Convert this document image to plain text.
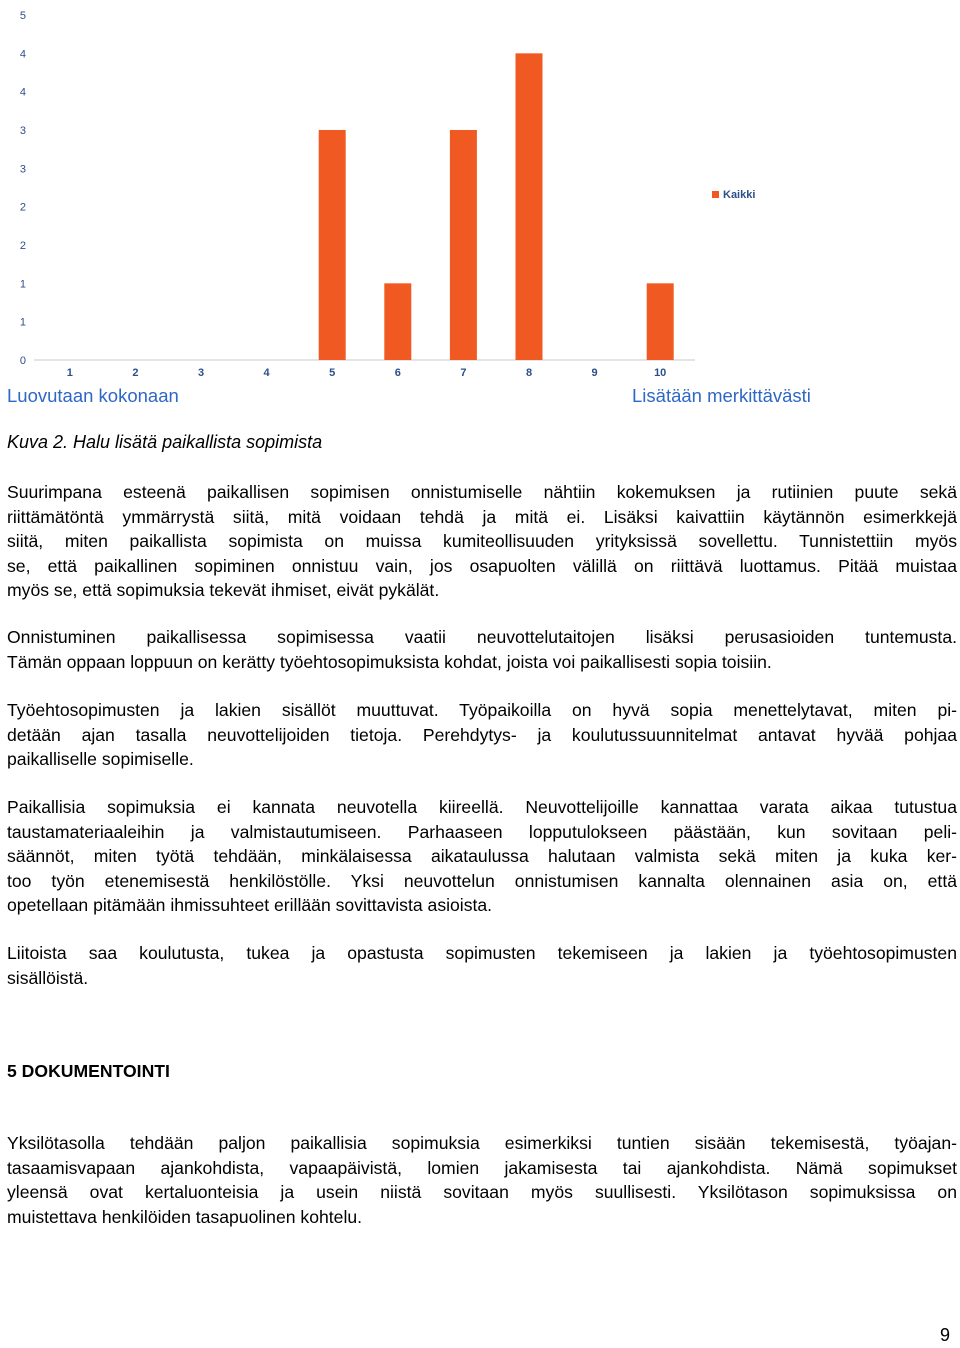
0
1
1
2
2
3
3
4
4
5
1	2	3	4	5	6	7	8	9	10
Kaikki
Luovutaan kokonaan	Lisätään merkittävästi
Kuva 2. Halu lisätä paikallista sopimista
Suurimpana esteenä paikallisen sopimisen onnistumiselle nähtiin kokemuksen ja rutiinien puute sekä
riittämätöntä ymmärrystä siitä, mitä voidaan tehdä ja mitä ei. Lisäksi kaivattiin käytännön esimerkkejä
siitä, miten paikallista sopimista on muissa kumiteollisuuden yrityksissä sovellettu. Tunnistettiin myös
se, että paikallinen sopiminen onnistuu vain, jos osapuolten välillä on riittävä luottamus. Pitää muistaa
myös se, että sopimuksia tekevät ihmiset, eivät pykälät.
Onnistuminen paikallisessa sopimisessa vaatii neuvottelutaitojen lisäksi perusasioiden tuntemusta.
Tämän oppaan loppuun on kerätty työehtosopimuksista kohdat, joista voi paikallisesti sopia toisiin.
Työehtosopimusten ja lakien sisällöt muuttuvat. Työpaikoilla on hyvä sopia menettelytavat, miten pi-
detään ajan tasalla neuvottelijoiden tietoja. Perehdytys- ja koulutussuunnitelmat antavat hyvää pohjaa
paikalliselle sopimiselle.
Paikallisia sopimuksia ei kannata neuvotella kiireellä. Neuvottelijoille kannattaa varata aikaa tutustua
taustamateriaaleihin ja valmistautumiseen. Parhaaseen lopputulokseen päästään, kun sovitaan peli-
säännöt, miten työtä tehdään, minkälaisessa aikataulussa halutaan valmista sekä miten ja kuka ker-
too työn etenemisestä henkilöstölle. Yksi neuvottelun onnistumisen kannalta olennainen asia on, että
opetellaan pitämään ihmissuhteet erillään sovittavista asioista.
Liitoista saa koulutusta, tukea ja opastusta sopimusten tekemiseen ja lakien ja työehtosopimusten
sisällöistä.
5 DOKUMENTOINTI
Yksilötasolla tehdään paljon paikallisia sopimuksia esimerkiksi tuntien sisään tekemisestä, työajan-
tasaamisvapaan ajankohdista, vapaapäivistä, lomien jakamisesta tai ajankohdista. Nämä sopimukset
yleensä ovat kertaluonteisia ja usein niistä sovitaan myös suullisesti. Yksilötason sopimuksissa on
muistettava henkilöiden tasapuolinen kohtelu.
9
